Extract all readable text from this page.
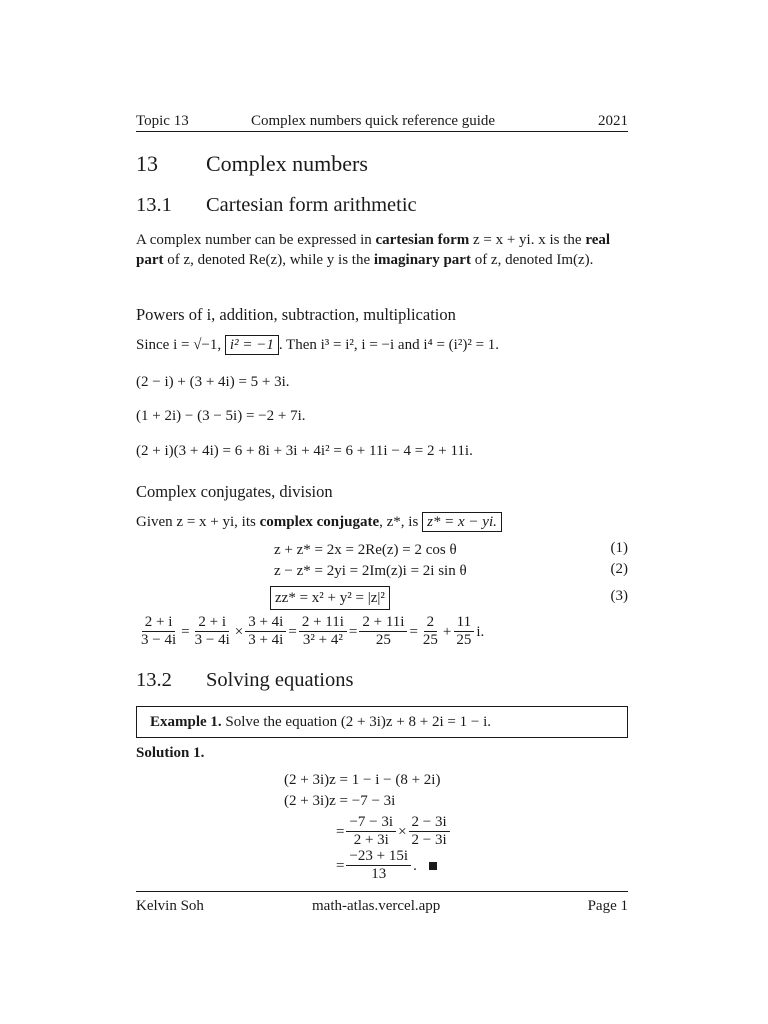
Topic 13	Complex numbers quick reference guide	2021
13 Complex numbers
13.1 Cartesian form arithmetic
A complex number can be expressed in cartesian form z = x + yi. x is the real part of z, denoted Re(z), while y is the imaginary part of z, denoted Im(z).
Powers of i, addition, subtraction, multiplication
Since i = √−1, i² = −1 . Then i³ = i², i = −i and i⁴ = (i²)² = 1.
(2 − i) + (3 + 4i) = 5 + 3i.
(1 + 2i) − (3 − 5i) = −2 + 7i.
(2 + i)(3 + 4i) = 6 + 8i + 3i + 4i² = 6 + 11i − 4 = 2 + 11i.
Complex conjugates, division
Given z = x + yi, its complex conjugate, z*, is z* = x − yi.
z + z* = 2x = 2Re(z) = 2 cos θ	(1)
z − z* = 2yi = 2Im(z)i = 2i sin θ	(2)
zz* = x² + y² = |z|²	(3)
$\frac{2 + i}{3 - 4i} = \frac{2 + i}{3 - 4i} \times \frac{3 + 4i}{3 + 4i} = \frac{2 + 11i}{\text{3² + 4²}} = \frac{2 + 11i}{25} = \frac{2}{25} + \frac{11}{25} i$.
13.2 Solving equations
Example 1. Solve the equation (2 + 3i)z + 8 + 2i = 1 − i.
Solution 1.
(2 + 3i)z = 1 − i − (8 + 2i)
(2 + 3i)z = −7 − 3i
= $\frac{-7 - 3i}{2 + 3i} \times \frac{2 - 3i}{2 - 3i}$
= $\frac{-23 + 15i}{13}$ .
Kelvin Soh	math-atlas.vercel.app	Page 1
